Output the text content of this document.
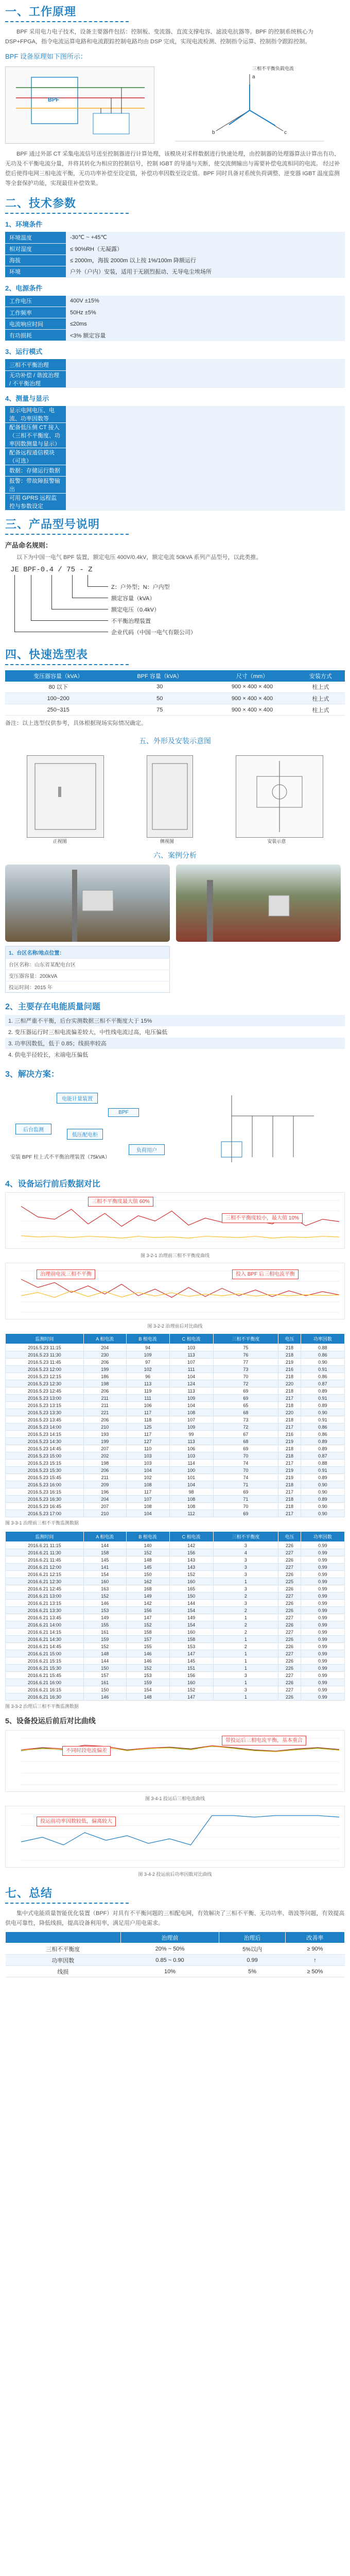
一、工作原理

BPF 采用电力电子技术，设备主要器件包括：控制板、变流器、直流支撑电容、滤波电抗器等。BPF 的控制系统核心为 DSP+FPGA，指令电流运算电路和电流跟踪控制电路均由 DSP 完成，实现电流检测、控制指令运算、控制指令跟踪控制。

BPF 设备原理如下图所示：
BPF
三相不平衡负载电流
a
b	c

BPF 通过外部 CT 采集电流信号送至控制器进行计算处理，该模块对采样数据进行快速处理，由控制器的处理器算法计算出有功、无功及不平衡电流分量，并将其转化为相应的控制信号，控制 IGBT 的导通与关断，使交流侧输出与需要补偿电流相同的电流。 经过补偿后使得电网三相电流平衡，无功功率补偿至设定值，补偿功率因数至设定值。BPF 同时具备对系统负荷调整、逆变器 IGBT 温度监测等全套保护功能，实现最佳补偿效果。

二、技术参数
1、环境条件
环境温度	-30℃ ~ +45℃
相对湿度	≤ 90%RH（无凝露）
海拔	≤ 2000m，海拔 2000m 以上按 1%/100m 降额运行
环境	户外（户内）安装，适用于无剧烈振动、无导电尘埃场所
2、电源条件
工作电压	400V ±15%
工作频率	50Hz ±5%
电流响应时间	≤20ms
有功损耗	<3% 额定容量
3、运行模式
三相不平衡治理	
无功补偿 / 谐波治理 / 不平衡治理	
4、测量与显示
显示电网电压、电流、功率因数等	
配备低压侧 CT 接入（三相不平衡度、功率因数测量与显示）	
配备远程通信模块（可选）	
数据：存储运行数据	
报警：带故障报警输出	
可用 GPRS 远程监控与参数设定	
三、产品型号说明
产品命名规则：

以下为中国一电气 BPF 装置，额定电压 400V/0.4kV，额定电流 50kVA 系列产品型号，以此类推。

JE BPF-0.4 / 75 - Z
Z：户外型；N：户内型
额定容量（kVA）
额定电压（0.4kV）
不平衡治理装置
企业代码（中国一电气有限公司）
四、快速选型表
变压器容量（kVA）	BPF 容量（kVA）	尺寸（mm）	安装方式
80 以下	30	900 × 400 × 400	柱上式
100~200	50	900 × 400 × 400	柱上式
250~315	75	900 × 400 × 400	柱上式

备注：以上选型仅供参考，具体根据现场实际情况确定。

五、外形及安装示意图
正视图	侧视图	安装示意
六、案例分析
1、台区名称/地点位置：
台区名称：山东省某配电台区
变压器容量：200kVA
投运时间：2015 年
2、主要存在电能质量问题
1. 三相严重不平衡，后台实测数据三相不平衡度大于 15%
2. 变压器运行时三相电流偏差较大，中性线电流过高，电压偏低
3. 功率因数低，低于 0.85；线损率较高
4. 供电半径较长，末端电压偏低
3、解决方案：
电能计量装置
BPF
后台监测
低压配电柜
负荷用户
安装 BPF 柱上式不平衡治理装置（75kVA）
4、设备运行前后数据对比
三相不平衡度最大值 60%
三相不平衡度较小，最大值 10%
图 3-2-1 治理前三相不平衡度曲线
治理前电流三相不平衡	投入 BPF 后三相电流平衡
图 3-2-2 治理前后对比曲线
监测时间	A 相电流	B 相电流	C 相电流	三相不平衡度	电压	功率因数
2016.5.23 11:15	204	94	103	75	218	0.88
2016.5.23 11:30	230	109	113	76	218	0.86
2016.5.23 11:45	206	97	107	77	219	0.90
2016.5.23 12:00	199	102	111	73	216	0.91
2016.5.23 12:15	186	96	104	70	218	0.86
2016.5.23 12:30	198	113	124	72	220	0.87
2016.5.23 12:45	206	119	113	69	218	0.89
2016.5.23 13:00	211	111	109	69	217	0.91
2016.5.23 13:15	211	106	104	65	218	0.89
2016.5.23 13:30	221	117	108	68	220	0.90
2016.5.23 13:45	206	118	107	73	218	0.91
2016.5.23 14:00	210	125	109	72	217	0.86
2016.5.23 14:15	193	117	99	67	216	0.86
2016.5.23 14:30	199	127	113	68	219	0.89
2016.5.23 14:45	207	110	106	69	218	0.89
2016.5.23 15:00	202	103	103	70	218	0.87
2016.5.23 15:15	198	103	114	74	217	0.88
2016.5.23 15:30	206	104	100	70	219	0.91
2016.5.23 15:45	211	102	101	74	219	0.89
2016.5.23 16:00	209	108	104	71	218	0.90
2016.5.23 16:15	196	117	98	69	217	0.90
2016.5.23 16:30	204	107	108	71	218	0.89
2016.5.23 16:45	207	108	108	70	218	0.90
2016.5.23 17:00	210	104	112	69	217	0.90
图 3-3-1 治理前三相不平衡监测数据
监测时间	A 相电流	B 相电流	C 相电流	三相不平衡度	电压	功率因数
2016.6.21 11:15	144	140	142	3	226	0.99
2016.6.21 11:30	158	152	156	4	227	0.99
2016.6.21 11:45	145	148	143	3	226	0.99
2016.6.21 12:00	141	145	143	3	227	0.99
2016.6.21 12:15	154	150	152	3	226	0.99
2016.6.21 12:30	160	162	160	1	225	0.99
2016.6.21 12:45	163	168	165	3	226	0.99
2016.6.21 13:00	152	149	150	2	227	0.99
2016.6.21 13:15	146	142	144	3	226	0.99
2016.6.21 13:30	153	156	154	2	226	0.99
2016.6.21 13:45	149	147	149	1	227	0.99
2016.6.21 14:00	155	152	154	2	226	0.99
2016.6.21 14:15	161	158	160	2	227	0.99
2016.6.21 14:30	159	157	158	1	226	0.99
2016.6.21 14:45	152	155	153	2	226	0.99
2016.6.21 15:00	148	146	147	1	227	0.99
2016.6.21 15:15	144	146	145	1	226	0.99
2016.6.21 15:30	150	152	151	1	226	0.99
2016.6.21 15:45	157	153	156	3	227	0.99
2016.6.21 16:00	161	159	160	1	226	0.99
2016.6.21 16:15	150	154	152	3	227	0.99
2016.6.21 16:30	146	148	147	1	226	0.99
图 3-3-2 治理后三相不平衡监测数据
5、设备投运后前后对比曲线
不同时段电流偏差
带投运后三相电流平衡，基本重合
图 3-4-1 投运后三相电流曲线
投运前功率因数较低，偏离较大
图 3-4-2 投运前后功率因数对比曲线
七、总结

集中式电能质量智能优化装置（BPF）对具有不平衡问题的三相配电网，有效解决了三相不平衡、无功功率、谐波等问题，有效提高供电可靠性，降低线损，提高设备利用率，满足用户用电需求。

	治理前	治理后	改善率
三相不平衡度	20% ~ 50%	5%以内	≥ 90%
功率因数	0.85 ~ 0.90	0.99	↑
线损	10%	5%	≥ 50%
